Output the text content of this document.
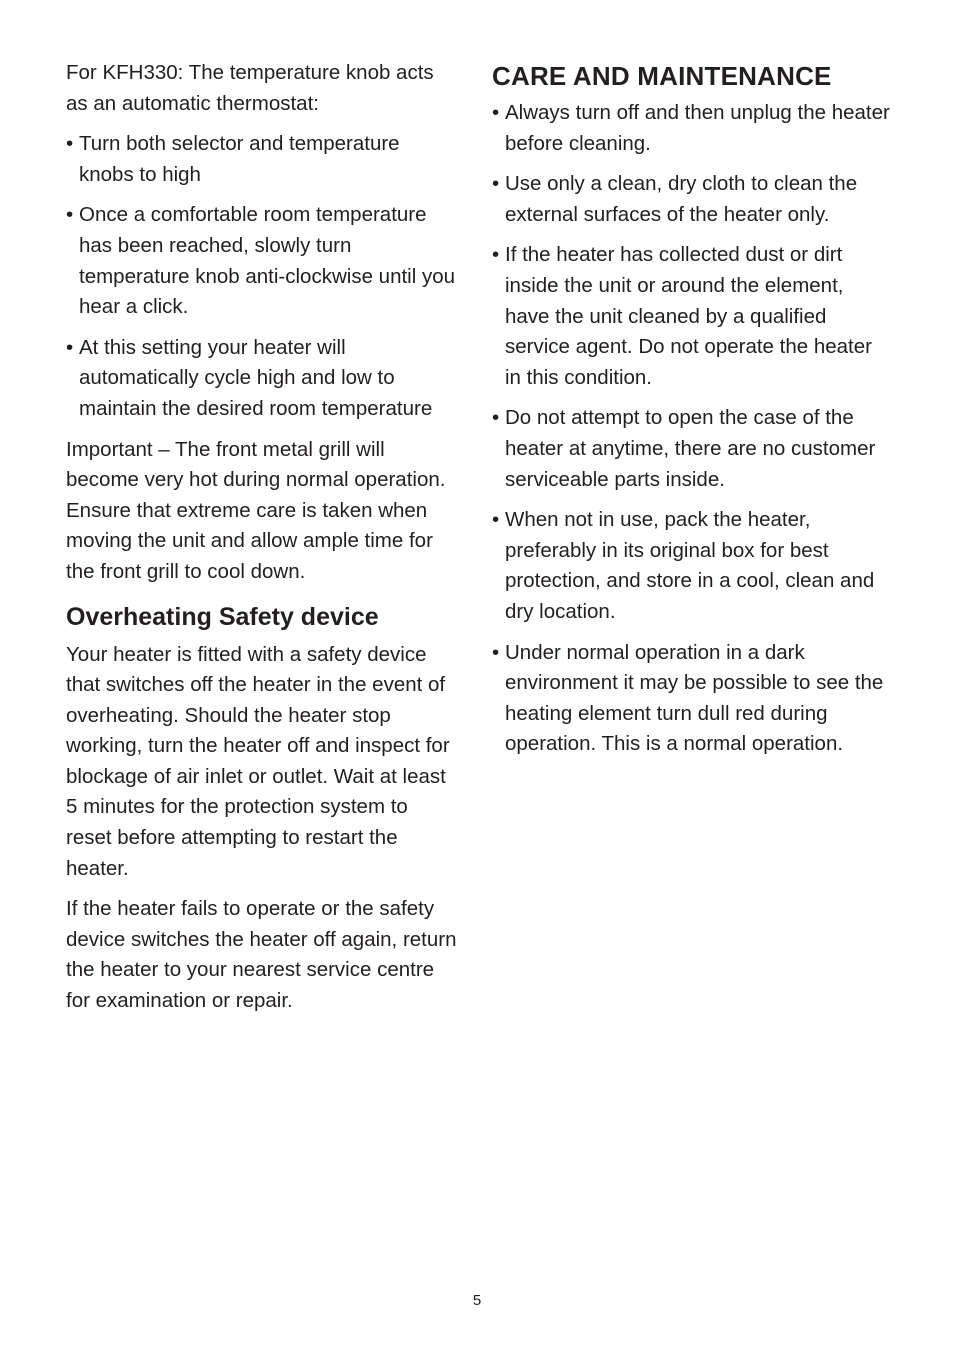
For KFH330: The temperature knob acts as an automatic thermostat:

• Turn both selector and temperature knobs to high
• Once a comfortable room temperature has been reached, slowly turn temperature knob anti-clockwise until you hear a click.
• At this setting your heater will automatically cycle high and low to maintain the desired room temperature

Important – The front metal grill will become very hot during normal operation. Ensure that extreme care is taken when moving the unit and allow ample time for the front grill to cool down.

Overheating Safety device

Your heater is fitted with a safety device that switches off the heater in the event of overheating. Should the heater stop working, turn the heater off and inspect for blockage of air inlet or outlet. Wait at least 5 minutes for the protection system to reset before attempting to restart the heater.

If the heater fails to operate or the safety device switches the heater off again, return the heater to your nearest service centre for examination or repair.

CARE AND MAINTENANCE
• Always turn off and then unplug the heater before cleaning.
• Use only a clean, dry cloth to clean the external surfaces of the heater only.
• If the heater has collected dust or dirt inside the unit or around the element, have the unit cleaned by a qualified service agent. Do not operate the heater in this condition.
• Do not attempt to open the case of the heater at anytime, there are no customer serviceable parts inside.
• When not in use, pack the heater, preferably in its original box for best protection, and store in a cool, clean and dry location.
• Under normal operation in a dark environment it may be possible to see the heating element turn dull red during operation. This is a normal operation.
5
